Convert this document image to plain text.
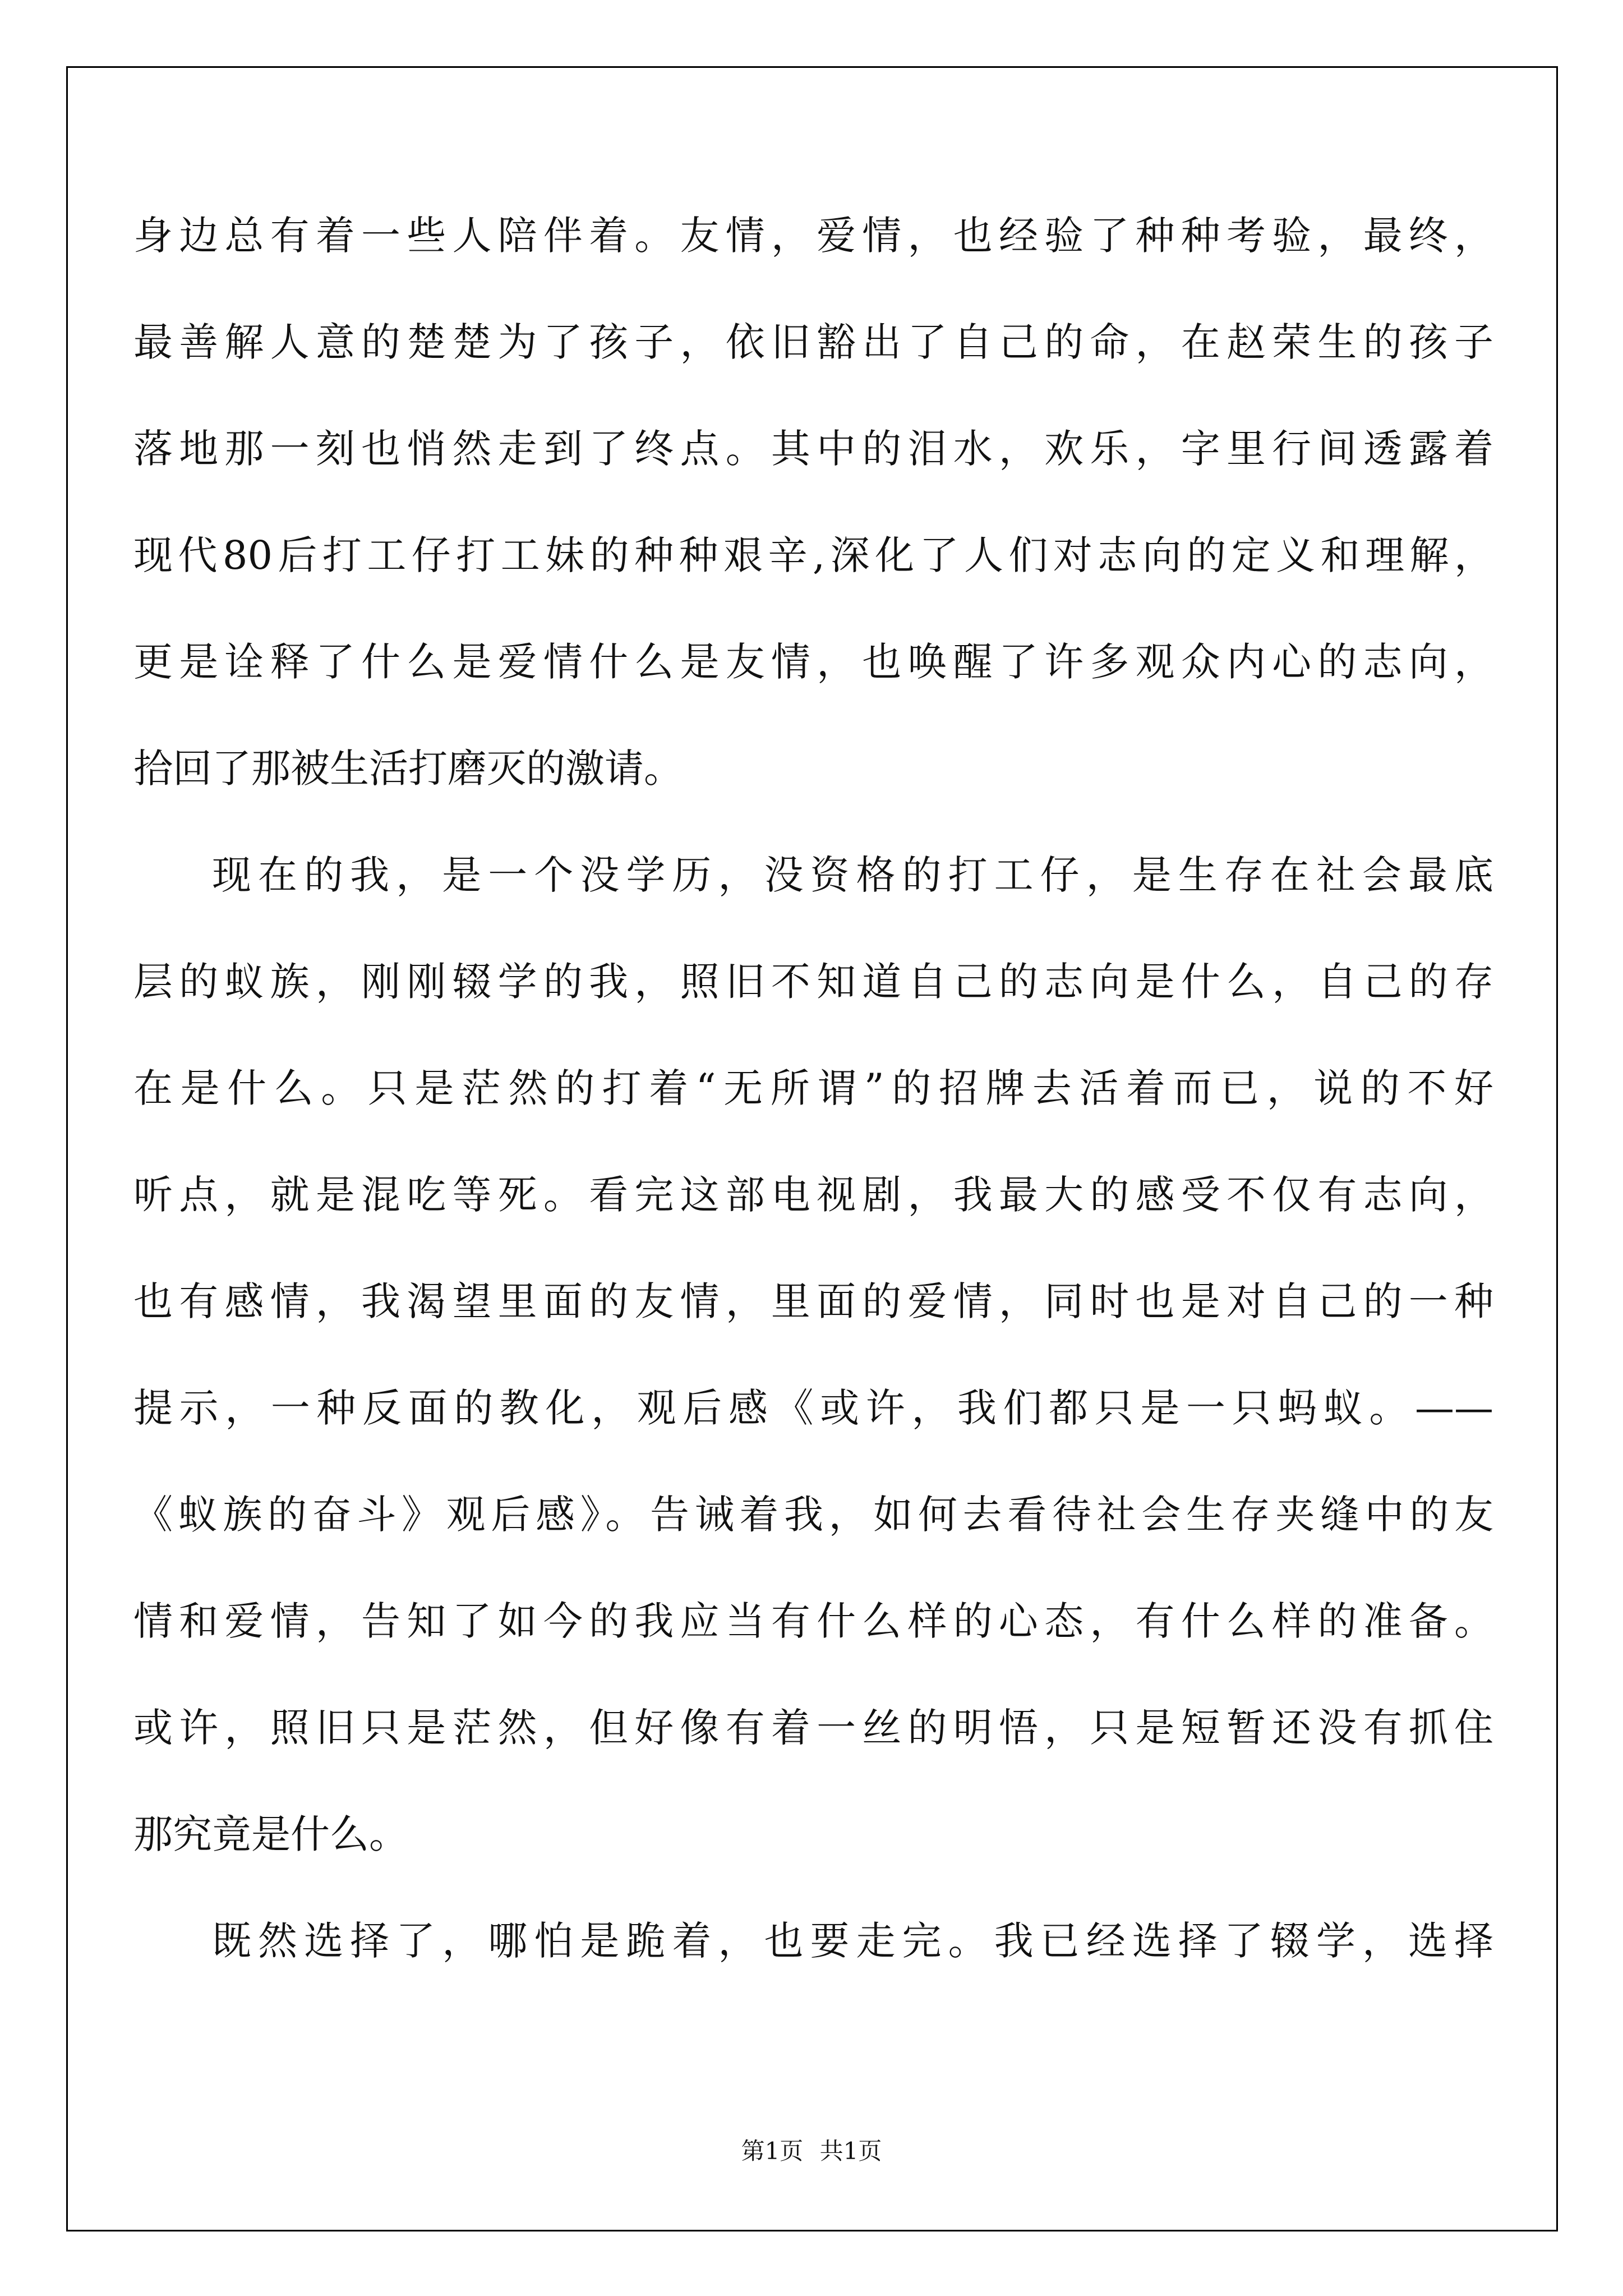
身边总有着一些人陪伴着。友情，爱情，也经验了种种考验，最终，
最善解人意的楚楚为了孩子，依旧豁出了自己的命，在赵荣生的孩子
落地那一刻也悄然走到了终点。其中的泪水，欢乐，字里行间透露着
现代80后打工仔打工妹的种种艰辛,深化了人们对志向的定义和理解，
更是诠释了什么是爱情什么是友情，也唤醒了许多观众内心的志向，
拾回了那被生活打磨灭的激请。
现在的我，是一个没学历，没资格的打工仔，是生存在社会最底
层的蚁族，刚刚辍学的我，照旧不知道自己的志向是什么，自己的存
在是什么。只是茫然的打着“无所谓”的招牌去活着而已，说的不好
听点，就是混吃等死。看完这部电视剧，我最大的感受不仅有志向，
也有感情，我渴望里面的友情，里面的爱情，同时也是对自己的一种
提示，一种反面的教化，观后感《或许，我们都只是一只蚂蚁。——
《蚁族的奋斗》观后感》。告诫着我，如何去看待社会生存夹缝中的友
情和爱情，告知了如今的我应当有什么样的心态，有什么样的准备。
或许，照旧只是茫然，但好像有着一丝的明悟，只是短暂还没有抓住
那究竟是什么。
既然选择了，哪怕是跪着，也要走完。我已经选择了辍学，选择
第1页 共1页
